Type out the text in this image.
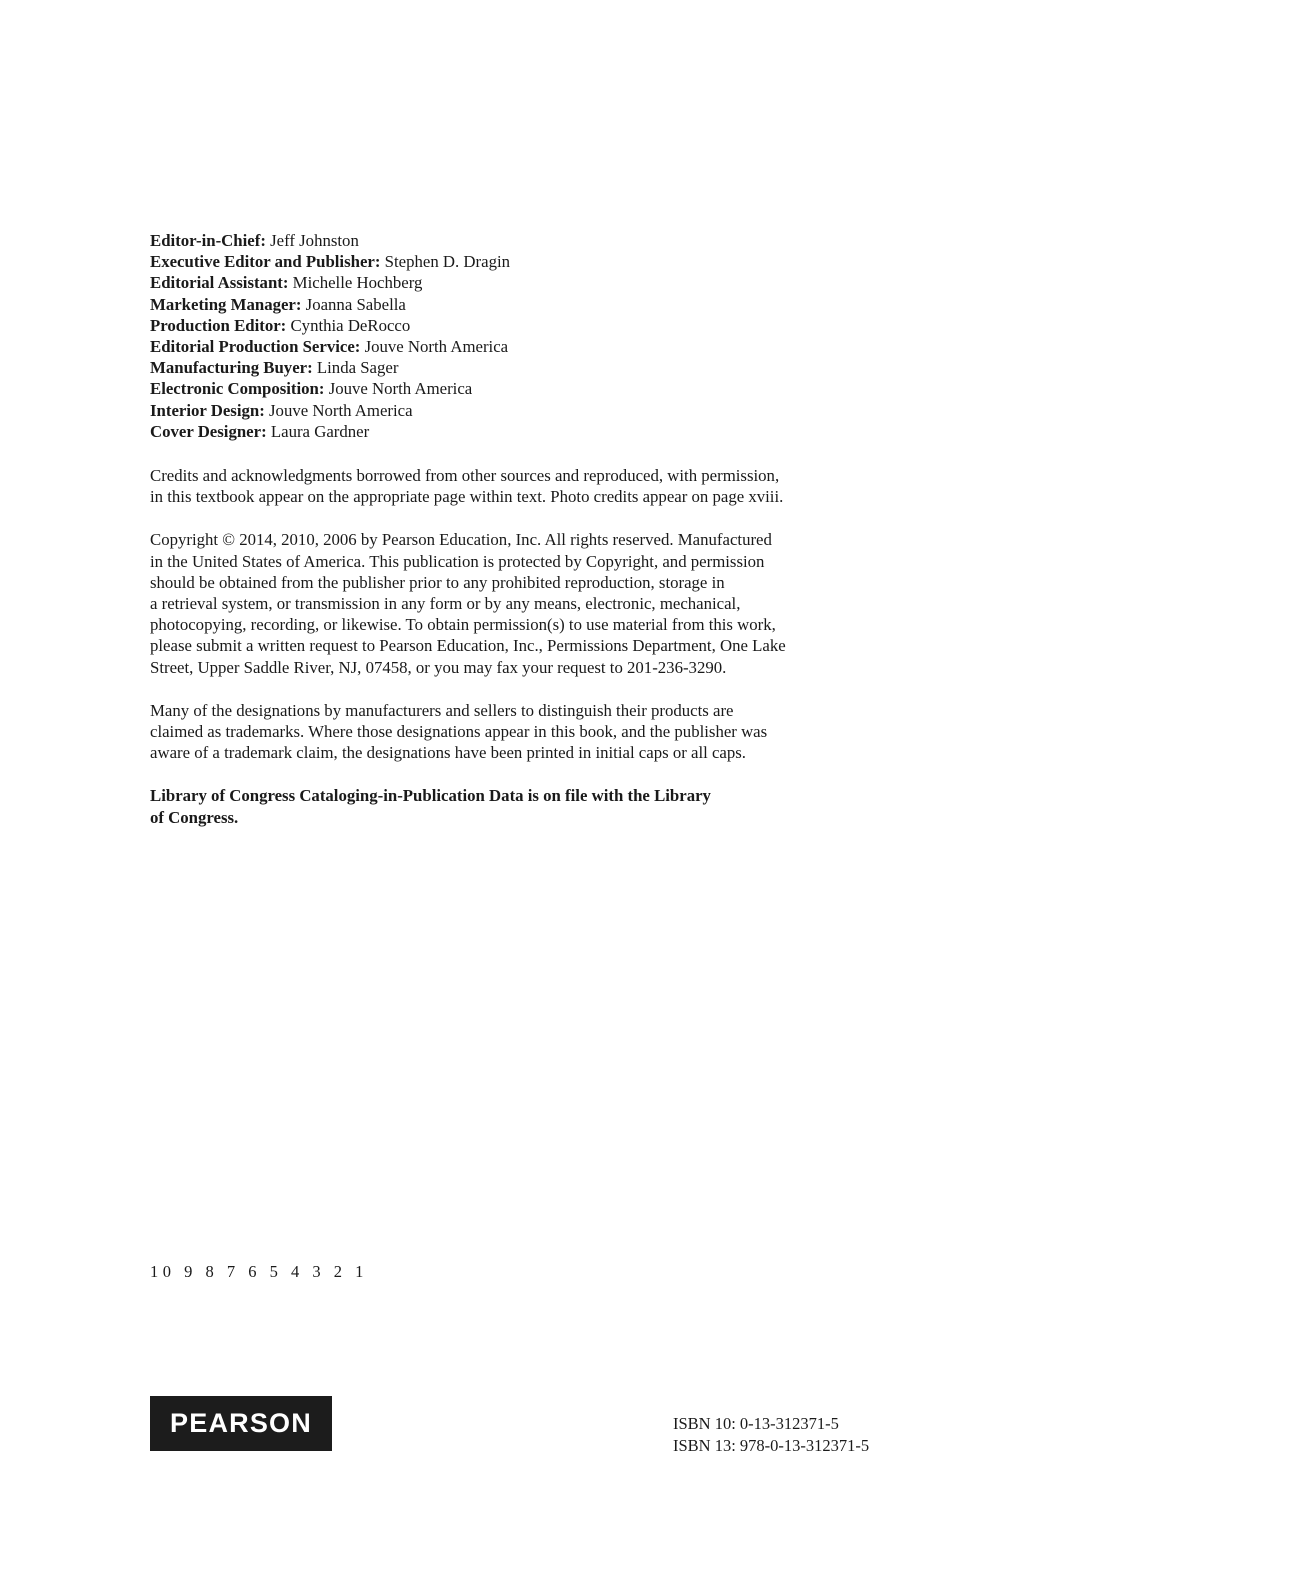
Editor-in-Chief: Jeff Johnston
Executive Editor and Publisher: Stephen D. Dragin
Editorial Assistant: Michelle Hochberg
Marketing Manager: Joanna Sabella
Production Editor: Cynthia DeRocco
Editorial Production Service: Jouve North America
Manufacturing Buyer: Linda Sager
Electronic Composition: Jouve North America
Interior Design: Jouve North America
Cover Designer: Laura Gardner

Credits and acknowledgments borrowed from other sources and reproduced, with permission,
in this textbook appear on the appropriate page within text. Photo credits appear on page xviii.

Copyright © 2014, 2010, 2006 by Pearson Education, Inc. All rights reserved. Manufactured
in the United States of America. This publication is protected by Copyright, and permission
should be obtained from the publisher prior to any prohibited reproduction, storage in
a retrieval system, or transmission in any form or by any means, electronic, mechanical,
photocopying, recording, or likewise. To obtain permission(s) to use material from this work,
please submit a written request to Pearson Education, Inc., Permissions Department, One Lake
Street, Upper Saddle River, NJ, 07458, or you may fax your request to 201-236-3290.

Many of the designations by manufacturers and sellers to distinguish their products are
claimed as trademarks. Where those designations appear in this book, and the publisher was
aware of a trademark claim, the designations have been printed in initial caps or all caps.

Library of Congress Cataloging-in-Publication Data is on file with the Library
of Congress.

10 9 8 7 6 5 4 3 2 1
PEARSON	ISBN 10: 0-13-312371-5
ISBN 13: 978-0-13-312371-5
